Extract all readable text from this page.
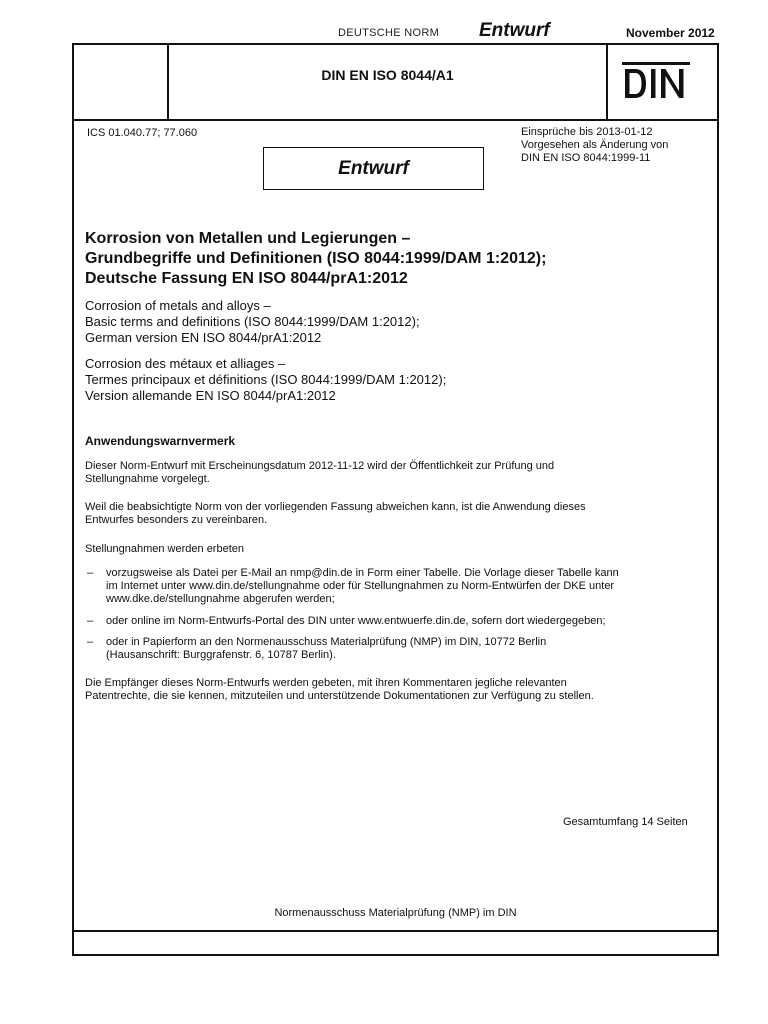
DEUTSCHE NORM Entwurf	November 2012
DIN EN ISO 8044/A1
ICS 01.040.77; 77.060	Einsprüche bis 2013-01-12
Vorgesehen als Änderung von
DIN EN ISO 8044:1999-11
Entwurf
Korrosion von Metallen und Legierungen –
Grundbegriffe und Definitionen (ISO 8044:1999/DAM 1:2012);
Deutsche Fassung EN ISO 8044/prA1:2012
Corrosion of metals and alloys –
Basic terms and definitions (ISO 8044:1999/DAM 1:2012);
German version EN ISO 8044/prA1:2012
Corrosion des métaux et alliages –
Termes principaux et définitions (ISO 8044:1999/DAM 1:2012);
Version allemande EN ISO 8044/prA1:2012
Anwendungswarnvermerk
Dieser Norm-Entwurf mit Erscheinungsdatum 2012-11-12 wird der Öffentlichkeit zur Prüfung und
Stellungnahme vorgelegt.
Weil die beabsichtigte Norm von der vorliegenden Fassung abweichen kann, ist die Anwendung dieses
Entwurfes besonders zu vereinbaren.
Stellungnahmen werden erbeten
– vorzugsweise als Datei per E-Mail an nmp@din.de in Form einer Tabelle. Die Vorlage dieser Tabelle kann
im Internet unter www.din.de/stellungnahme oder für Stellungnahmen zu Norm-Entwürfen der DKE unter
www.dke.de/stellungnahme abgerufen werden;
– oder online im Norm-Entwurfs-Portal des DIN unter www.entwuerfe.din.de, sofern dort wiedergegeben;
– oder in Papierform an den Normenausschuss Materialprüfung (NMP) im DIN, 10772 Berlin
(Hausanschrift: Burggrafenstr. 6, 10787 Berlin).
Die Empfänger dieses Norm-Entwurfs werden gebeten, mit ihren Kommentaren jegliche relevanten
Patentrechte, die sie kennen, mitzuteilen und unterstützende Dokumentationen zur Verfügung zu stellen.
Gesamtumfang 14 Seiten
Normenausschuss Materialprüfung (NMP) im DIN
